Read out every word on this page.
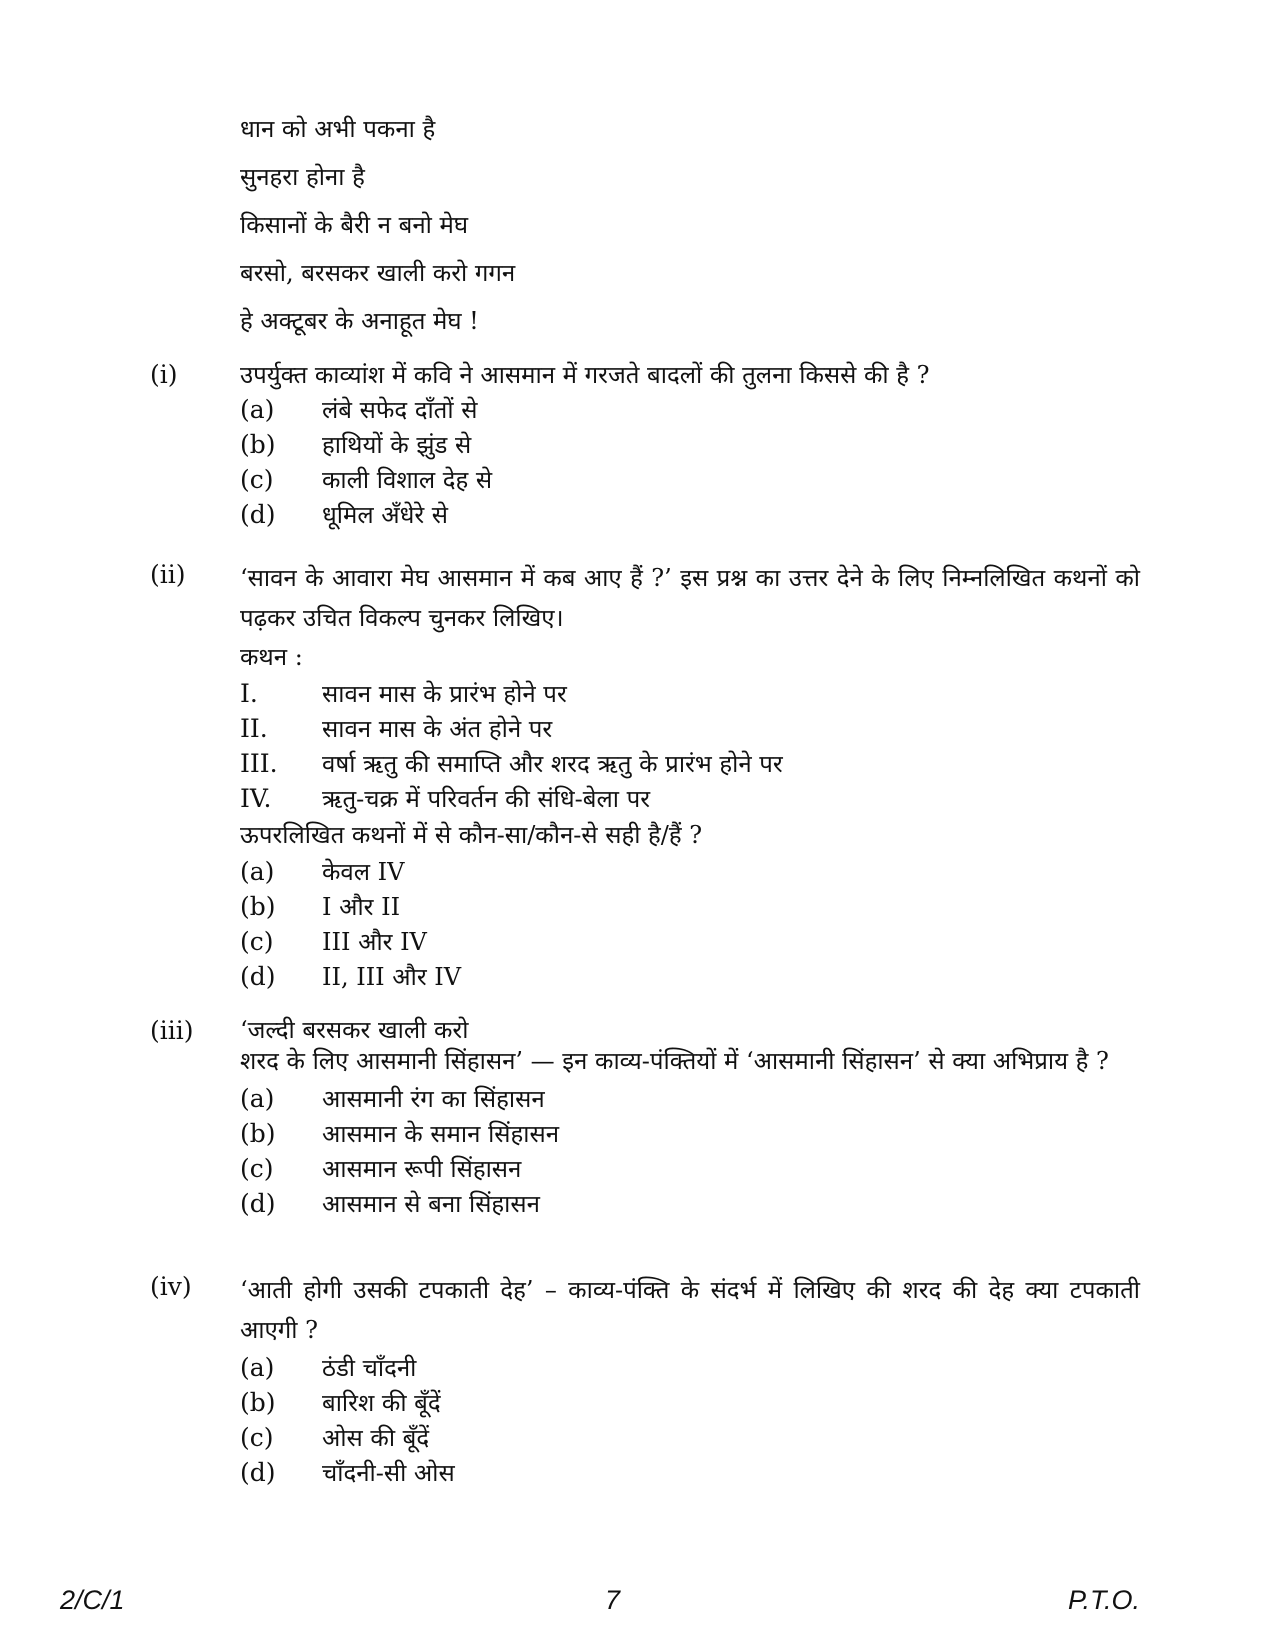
धान को अभी पकना है
सुनहरा होना है
किसानों के बैरी न बनो मेघ
बरसो, बरसकर खाली करो गगन
हे अक्टूबर के अनाहूत मेघ !
(i)	उपर्युक्त काव्यांश में कवि ने आसमान में गरजते बादलों की तुलना किससे की है ?
(a)	लंबे सफेद दाँतों से
(b)	हाथियों के झुंड से
(c)	काली विशाल देह से
(d)	धूमिल अँधेरे से
(ii) ‘सावन के आवारा मेघ आसमान में कब आए हैं ?’ इस प्रश्न का उत्तर देने के लिए निम्नलिखित कथनों को पढ़कर उचित विकल्प चुनकर लिखिए।
कथन :
I.	सावन मास के प्रारंभ होने पर
II.	सावन मास के अंत होने पर
III.	वर्षा ऋतु की समाप्ति और शरद ऋतु के प्रारंभ होने पर
IV.	ऋतु-चक्र में परिवर्तन की संधि-बेला पर
ऊपरलिखित कथनों में से कौन-सा/कौन-से सही है/हैं ?
(a)	केवल IV
(b)	I और II
(c)	III और IV
(d)	II, III और IV
(iii) ‘जल्दी बरसकर खाली करो
शरद के लिए आसमानी सिंहासन’ — इन काव्य-पंक्तियों में ‘आसमानी सिंहासन’ से क्या अभिप्राय है ?
(a)	आसमानी रंग का सिंहासन
(b)	आसमान के समान सिंहासन
(c)	आसमान रूपी सिंहासन
(d)	आसमान से बना सिंहासन
(iv) ‘आती होगी उसकी टपकाती देह’ – काव्य-पंक्ति के संदर्भ में लिखिए की शरद की देह क्या टपकाती आएगी ?
(a)	ठंडी चाँदनी
(b)	बारिश की बूँदें
(c)	ओस की बूँदें
(d)	चाँदनी-सी ओस
2/C/1	7	P.T.O.
